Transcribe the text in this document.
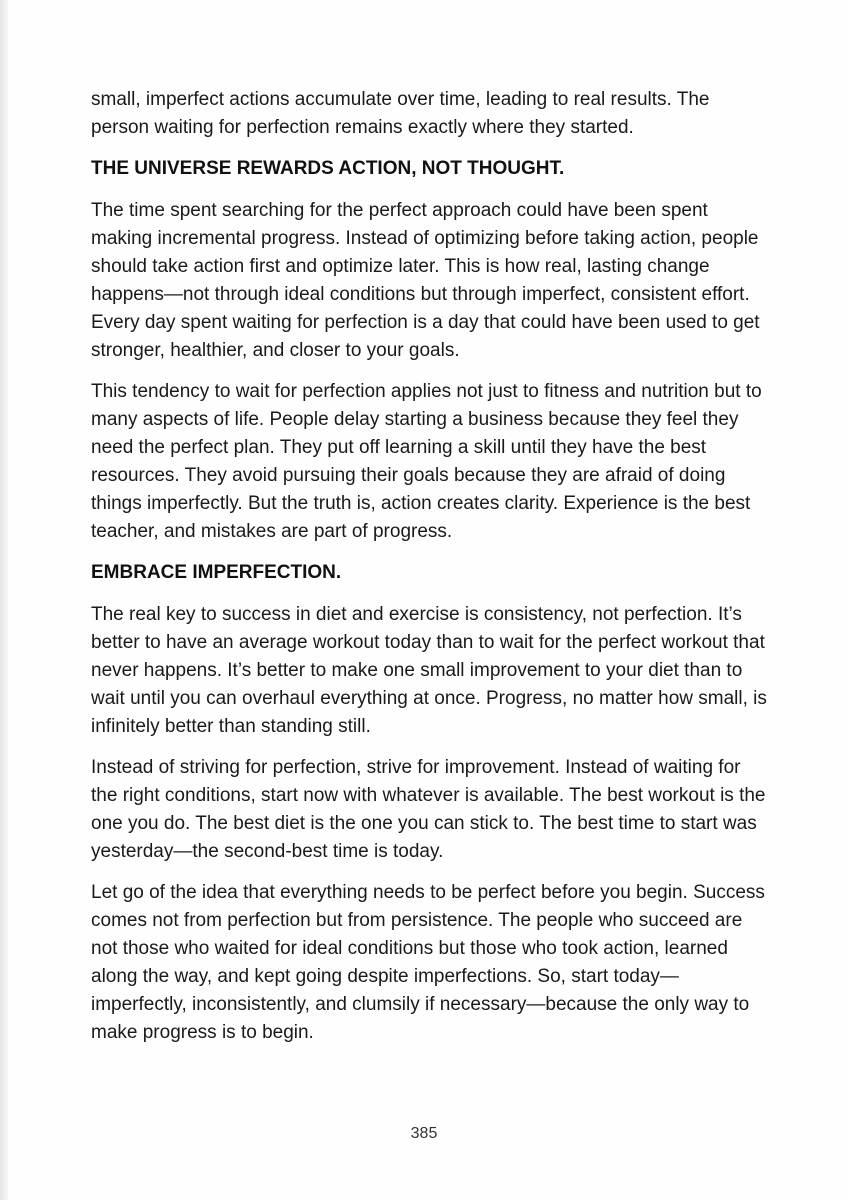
small, imperfect actions accumulate over time, leading to real results. The person waiting for perfection remains exactly where they started.

THE UNIVERSE REWARDS ACTION, NOT THOUGHT.

The time spent searching for the perfect approach could have been spent making incremental progress. Instead of optimizing before taking action, people should take action first and optimize later. This is how real, lasting change happens—not through ideal conditions but through imperfect, consistent effort. Every day spent waiting for perfection is a day that could have been used to get stronger, healthier, and closer to your goals.

This tendency to wait for perfection applies not just to fitness and nutrition but to many aspects of life. People delay starting a business because they feel they need the perfect plan. They put off learning a skill until they have the best resources. They avoid pursuing their goals because they are afraid of doing things imperfectly. But the truth is, action creates clarity. Experience is the best teacher, and mistakes are part of progress.

EMBRACE IMPERFECTION.

The real key to success in diet and exercise is consistency, not perfection. It’s better to have an average workout today than to wait for the perfect workout that never happens. It’s better to make one small improvement to your diet than to wait until you can overhaul everything at once. Progress, no matter how small, is infinitely better than standing still.

Instead of striving for perfection, strive for improvement. Instead of waiting for the right conditions, start now with whatever is available. The best workout is the one you do. The best diet is the one you can stick to. The best time to start was yesterday—the second-best time is today.

Let go of the idea that everything needs to be perfect before you begin. Success comes not from perfection but from persistence. The people who succeed are not those who waited for ideal conditions but those who took action, learned along the way, and kept going despite imperfections. So, start today—imperfectly, inconsistently, and clumsily if necessary—because the only way to make progress is to begin.

385
